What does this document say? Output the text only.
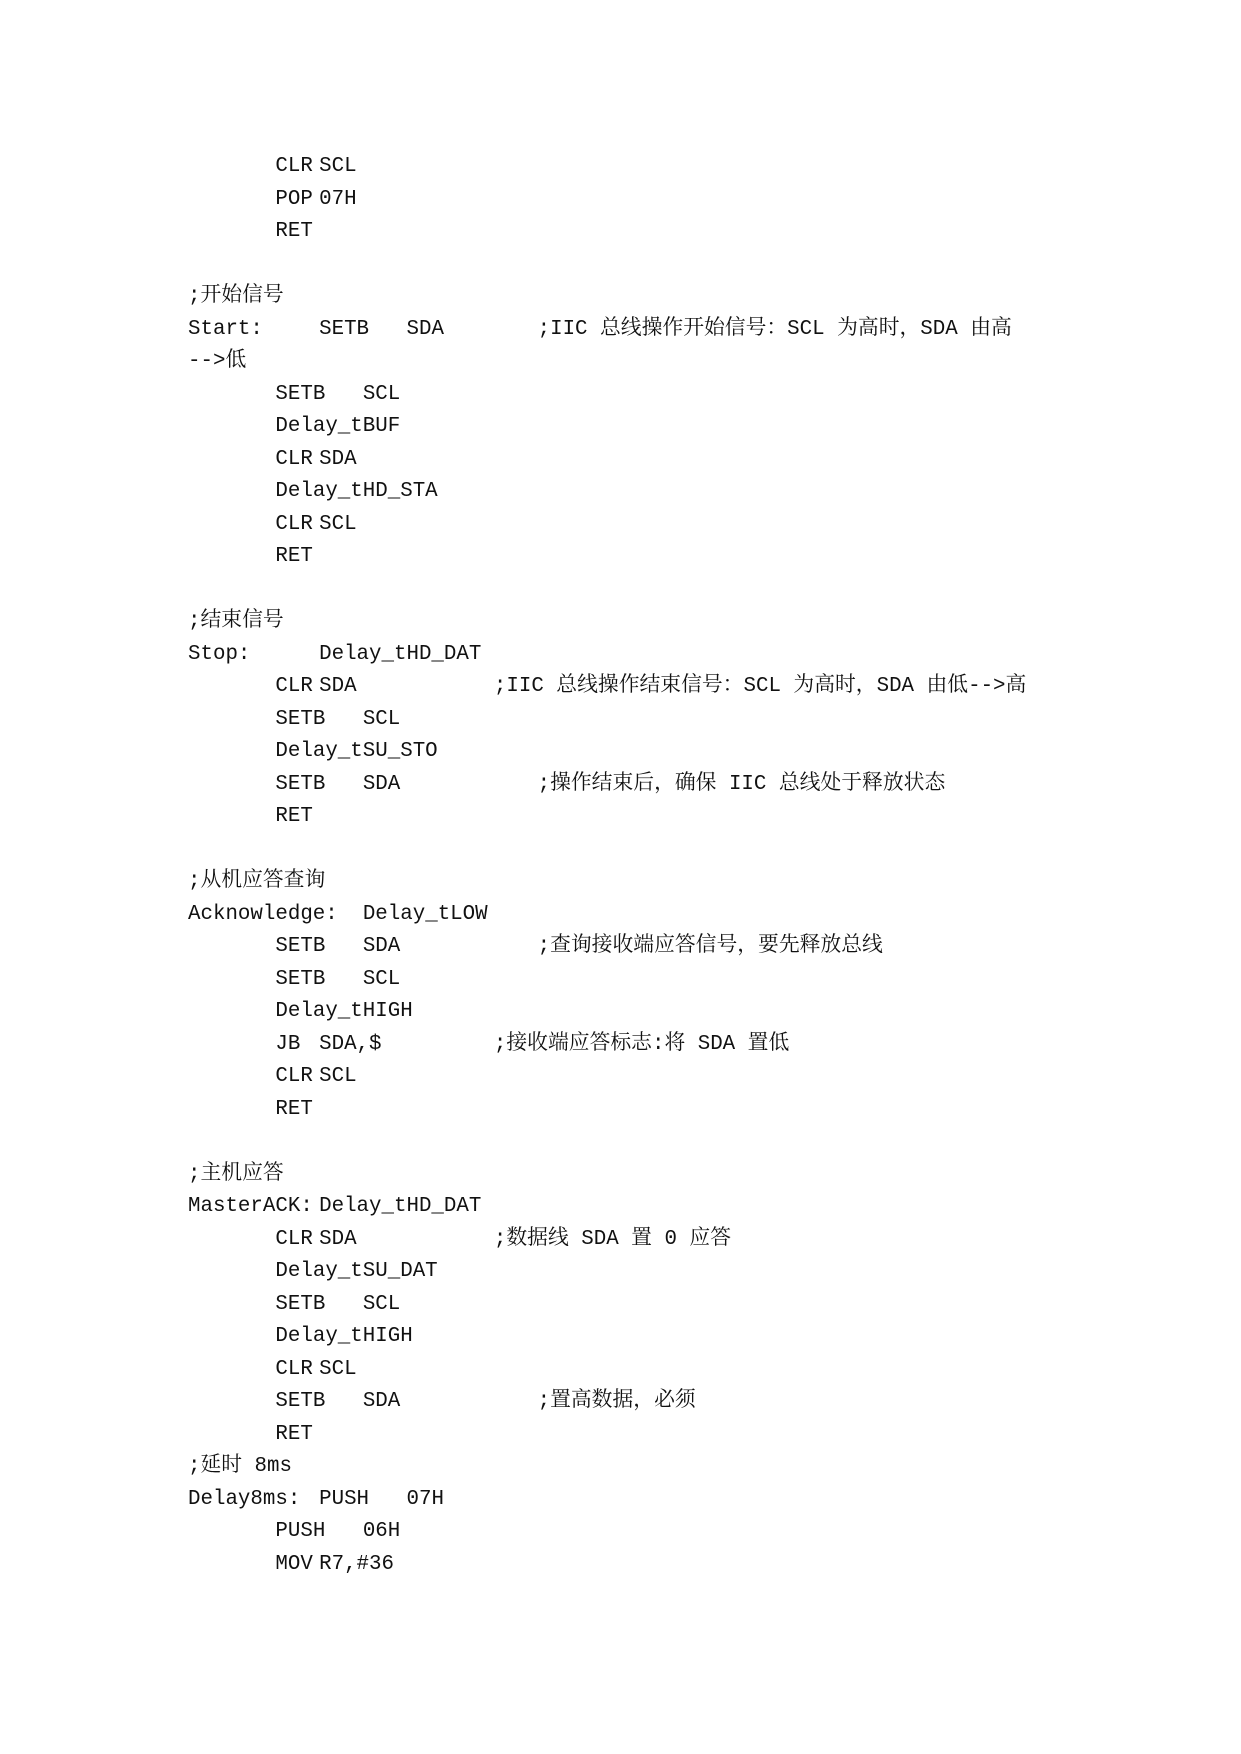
		CLR	SCL
		POP	07H
		RET
;开始信号
Start:		SETB	SDA			;IIC 总线操作开始信号：SCL 为高时，SDA 由高
-->低
		SETB	SCL
		Delay_tBUF
		CLR	SDA
		Delay_tHD_STA
		CLR	SCL
		RET
;结束信号
Stop:		Delay_tHD_DAT
		CLR	SDA			;IIC 总线操作结束信号：SCL 为高时，SDA 由低-->高
		SETB	SCL
		Delay_tSU_STO
		SETB	SDA			;操作结束后，确保 IIC 总线处于释放状态
		RET
;从机应答查询
Acknowledge:	Delay_tLOW
		SETB	SDA			;查询接收端应答信号，要先释放总线
		SETB	SCL
		Delay_tHIGH
		JB	SDA,$			;接收端应答标志:将 SDA 置低
		CLR	SCL
		RET
;主机应答
MasterACK:	Delay_tHD_DAT
		CLR	SDA			;数据线 SDA 置 0 应答
		Delay_tSU_DAT
		SETB	SCL
		Delay_tHIGH
		CLR	SCL
		SETB	SDA			;置高数据，必须
		RET
;延时 8ms
Delay8ms:	PUSH	07H
		PUSH	06H
		MOV	R7,#36
